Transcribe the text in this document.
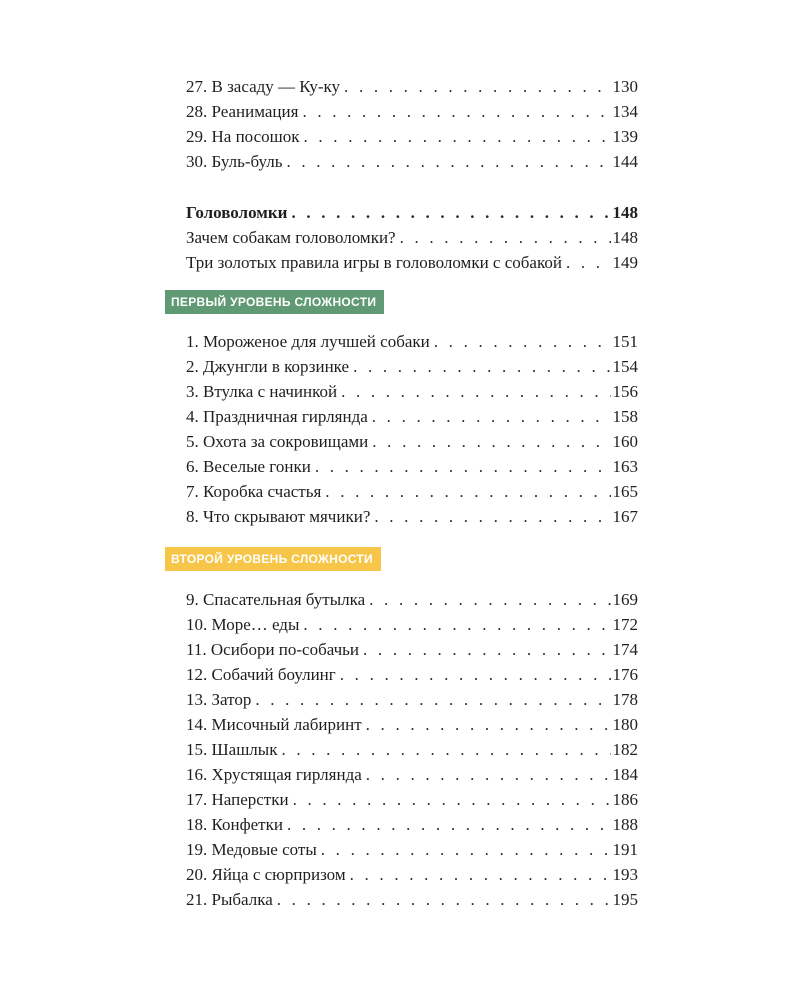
27. В засаду — Ку-ку . . .	130
28. Реанимация . . .	134
29. На посошок . . .	139
30. Буль-буль . . .	144
Головоломки . . .	148
Зачем собакам головоломки? . . .	148
Три золотых правила игры в головоломки с собакой . . .	149
ПЕРВЫЙ УРОВЕНЬ СЛОЖНОСТИ
1. Мороженое для лучшей собаки . . .	151
2. Джунгли в корзинке . . .	154
3. Втулка с начинкой . . .	156
4. Праздничная гирлянда . . .	158
5. Охота за сокровищами . . .	160
6. Веселые гонки . . .	163
7. Коробка счастья . . .	165
8. Что скрывают мячики? . . .	167
ВТОРОЙ УРОВЕНЬ СЛОЖНОСТИ
9. Спасательная бутылка . . .	169
10. Море… еды . . .	172
11. Осибори по-собачьи . . .	174
12. Собачий боулинг . . .	176
13. Затор . . .	178
14. Мисочный лабиринт . . .	180
15. Шашлык . . .	182
16. Хрустящая гирлянда . . .	184
17. Наперстки . . .	186
18. Конфетки . . .	188
19. Медовые соты . . .	191
20. Яйца с сюрпризом . . .	193
21. Рыбалка . . .	195
